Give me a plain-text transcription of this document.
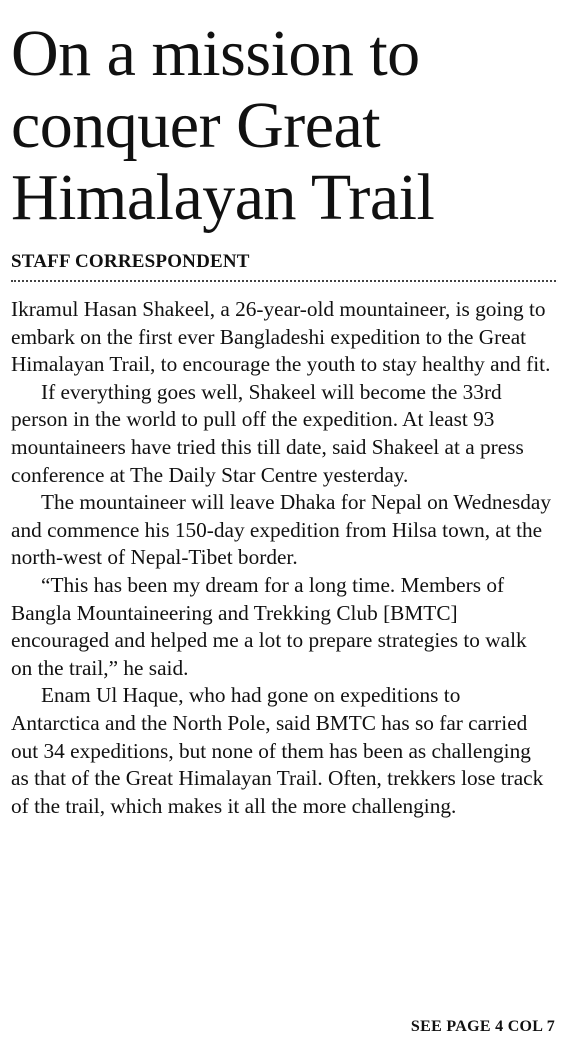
On a mission to
conquer Great
Himalayan Trail
STAFF CORRESPONDENT

Ikramul Hasan Shakeel, a 26-year-old mountaineer, is going to embark on the first ever Bangladeshi expedition to the Great Himalayan Trail, to encourage the youth to stay healthy and fit.

If everything goes well, Shakeel will become the 33rd person in the world to pull off the expedition. At least 93 mountaineers have tried this till date, said Shakeel at a press conference at The Daily Star Centre yesterday.

The mountaineer will leave Dhaka for Nepal on Wednesday and commence his 150-day expedition from Hilsa town, at the north-west of Nepal-Tibet border.

“This has been my dream for a long time. Members of Bangla Mountaineering and Trekking Club [BMTC] encouraged and helped me a lot to prepare strategies to walk on the trail,” he said.

Enam Ul Haque, who had gone on expeditions to Antarctica and the North Pole, said BMTC has so far carried out 34 expeditions, but none of them has been as challenging as that of the Great Himalayan Trail. Often, trekkers lose track of the trail, which makes it all the more challenging.

SEE PAGE 4 COL 7
